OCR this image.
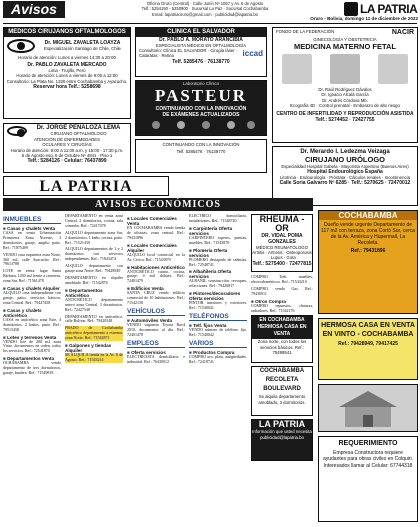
Avisos	Oficina Oruro (Central) · Calle Junín Nº 1057 y Av. 6 de Agosto
Telf.: 5254150 - 5250900 · Sucursal La Paz · Sucursal Cochabamba
Email: lapatriaoruro@gmail.com · publicidad@lapatria.bo	LA PATRIA
Oruro - Bolivia, domingo 11 de diciembre de 2022
MÉDICOS CIRUJANOS OFTALMÓLOGOS
Dr. MIGUEL ZAVALETA LOAYZA
Especialización Santiago de Chile, Chile
Horario de atención: Lunes a viernes 14:30 a 20:00
Dr. PABLO ZAVALETA MERCADO
Lima - Trujillo, Perú
Horario de atención: Lunes a viernes de 9:00 a 12:00
Consultorio: La Plata No. 1320 entre Cochabamba y Ayacucho.
Reservar hora Telf.: 5258698
CLÍNICA EL SALVADOR
Dr. PABLO A. MORATO ARANCIBIA
ESPECIALISTA MÉDICO EN OFTALMOLOGÍA
Consultorio: Clínica EL SALVADOR · Cirugía láser · Cataratas · Retina	iccad
Telf. 5285476 · 76138770
Laboratorio Clínico
PASTEUR
CONTINUANDO CON LA INNOVACIÓN
DE EXÁMENES ACTUALIZADOS
Dr. JORGE PEÑALOZA LEMA
CIRUJANO OFTALMÓLOGO
ATENCIÓN DE ENFERMEDADES
OCULARES Y CIRUGÍAS
Horario de atención: 9:00 a 11:00 a.m. y 15:00 - 17:30 p.m.
6 de Agosto esq. 6 de Octubre Nº 4841 · Piso 1
Telf.: 5284126 · Celular: 76437899
CONTINUANDO CON LA INNOVACIÓN
Telf. 5285476 · 76138770
FONDO DE LA FEDERACIÓN	NACIR
GINECOLOGÍA Y OBSTETRICIA
MEDICINA MATERNO FETAL
Dr. Raúl Rodríguez Dávalos
Dr. Ignacio Alcalá García
Dr. Andrés Córdova Mb.
Ecografía 4D · Control prenatal · Embarazo de alto riesgo
CENTRO DE INFERTILIDAD Y REPRODUCCIÓN ASISTIDA
Telf.: 5274452 · 72427755
Dr. Merardo I. Ledezma Veizaga
CIRUJANO URÓLOGO
Especialidad Hospital Gabela - Mayorista Argentino (Buenos Aires)
Hospital Endourológico España
Litotricia · Endourología · Próstata · Cálculos renales · Incontinencia
Calle Soria Galvarro Nº 6285 · Telf.: 5270625 · 72470012
LA PATRIA
AVISOS ECONÓMICOS
INMUEBLES
■ Casas y chalets Venta
CASA en venta Urbanización Primavera Zona Noreste, 3 dormitorios, garaje, amplio patio. Ref.: 71875409
VENDO casa esquinera zona Norte, 360 m2, calle Ayacucho. Ref.: 79613788
LOTE en venta: lugar Santa Bárbara, 1450 m2 frente a carretera, zona Sur. Ref.: 71561478
■ Casas y chalets Alquiler
ALQUILO casa independiente con garaje, patio, servicios básicos, zona Central. Ref.: 79427458
■ Casas y chalets Anticrético
CASA en anticrético zona Este, 4 dormitorios, 2 baños, patio. Ref.: 79513458
■ Lotes y terrenos Venta
VENDO lote de 200 m2 zona Vinto, documentos en orden, todos los servicios. Ref.: 72541870
■ Departamentos Venta
OCHABAMBA vendo departamento de tres dormitorios, garaje, baulera. Ref.: 71549818
DEPARTAMENTO en venta zona Central, 2 dormitorios, cocina, sala comedor. Ref.: 72417478
ALQUILO departamento zona Sur, 2 dormitorios, 1 baño, cocina, patio. Ref.: 71521439
ALQUILO departamentos de 1 y 2 dormitorios con servicios independientes. Ref.: 71843474
ALQUILO departamento con garaje zona Norte. Ref.: 79428949
DEPARTAMENTO en alquiler amoblado. Ref.: 71542876
■ Departamentos Anticrético
ANTICRÉTICO departamento nuevo zona Central, 3 dormitorios. Ref.: 72427548
DEPARTAMENTO en anticrético, calle Bolívar. Ref.: 79420548
PRADO de Cochabamba anticrético departamento a estrenar, zona Norte. Ref.: 71542871
■ Galpones y tiendas Alquiler
SE ALQUILA tienda en la Av. 6 de Agosto. Ref.: 71543214
■ Locales Comerciales Venta
EN COCHABAMBA vendo tienda de oficinas, zona central. Ref.: 79431896
■ Locales Comerciales Alquiler
ALQUILO local comercial en la Av. Cívica. Ref.: 71543870
■ Habitaciones Anticrético
ANTICRÉTICO cuarto, cocina, garaje, 4 mil dólares. Ref.: 72401479
■ Edificios Venta
SANTA CRUZ vendo edificio comercial de 10 habitaciones. Ref.: 71542158
VEHÍCULOS
■ Automóviles Venta
VENDO vagoneta Toyota Rav4 2010, documentos al día. Ref.: 72401478
EMPLEOS
■ Oferta servicios
ELECTRICISTA domiciliario e industrial. Ref.: 76430012
ELECTRICO domiciliario, instalaciones. Ref.: 71548720
■ Carpintería Oferta servicios
CARPINTERO roperos, puertas, muebles. Ref.: 71543870
■ Plomería Oferta servicios
PLOMERO destapado de cañerías. Ref.: 72548741
■ Albañilería Oferta servicios
ALBAÑIL construcción, revoques, refacciones. Ref.: 79426817
■ Pintores/decoradores Oferta servicios
PINTOR interiores y exteriores. Ref.: 71540041
TELÉFONOS
■ Telf. fijos Venta
VENDO número de teléfono fijo. Ref.: 71540042
VARIOS
■ Productos Compra
COMPRO oro, plata, antigüedades. Ref.: 72418741
RHEUMA - OR
DR. VIDAL POMA GONZALES
MÉDICO REUMATÓLOGO
Artritis · Artrosis · Osteoporosis · Lupus · Gota
Telf.: 5275400 · 72477815
COMPRO Toñi, muebles, electrodomésticos. Ref.: 71543210
COMPRO, vendo Gas. Ref.: 79430011
■ Otros Compra
COMPRO repuestos, chatarra, radiadores. Ref.: 71542176
EN COCHABAMBA HERMOSA CASA EN VENTA
Zona norte, con todos los servicios básicos. Ref.: 75499541
COCHABAMBA RECOLETA BOULEVARD
Se alquila departamento amoblado, 3 dormitorios.
LA PATRIA
Información que usted necesita
publicidad@lapatria.bo
COCHABAMBA
Dueño vende urgente Departamento de 117 m2 con terraza, zona Cortó Sur, cerca de la Av. América y Hupermall, La Recoleta.
Ref.: 79431896
HERMOSA CASA EN VENTA EN VINTO - COCHABAMBA
Ref.: 79428949, 79417425
REQUERIMIENTO
Empresa Constructora requiere ayudantes para obras civiles en Colquiri. Interesados llamar al Celular: 67744318
